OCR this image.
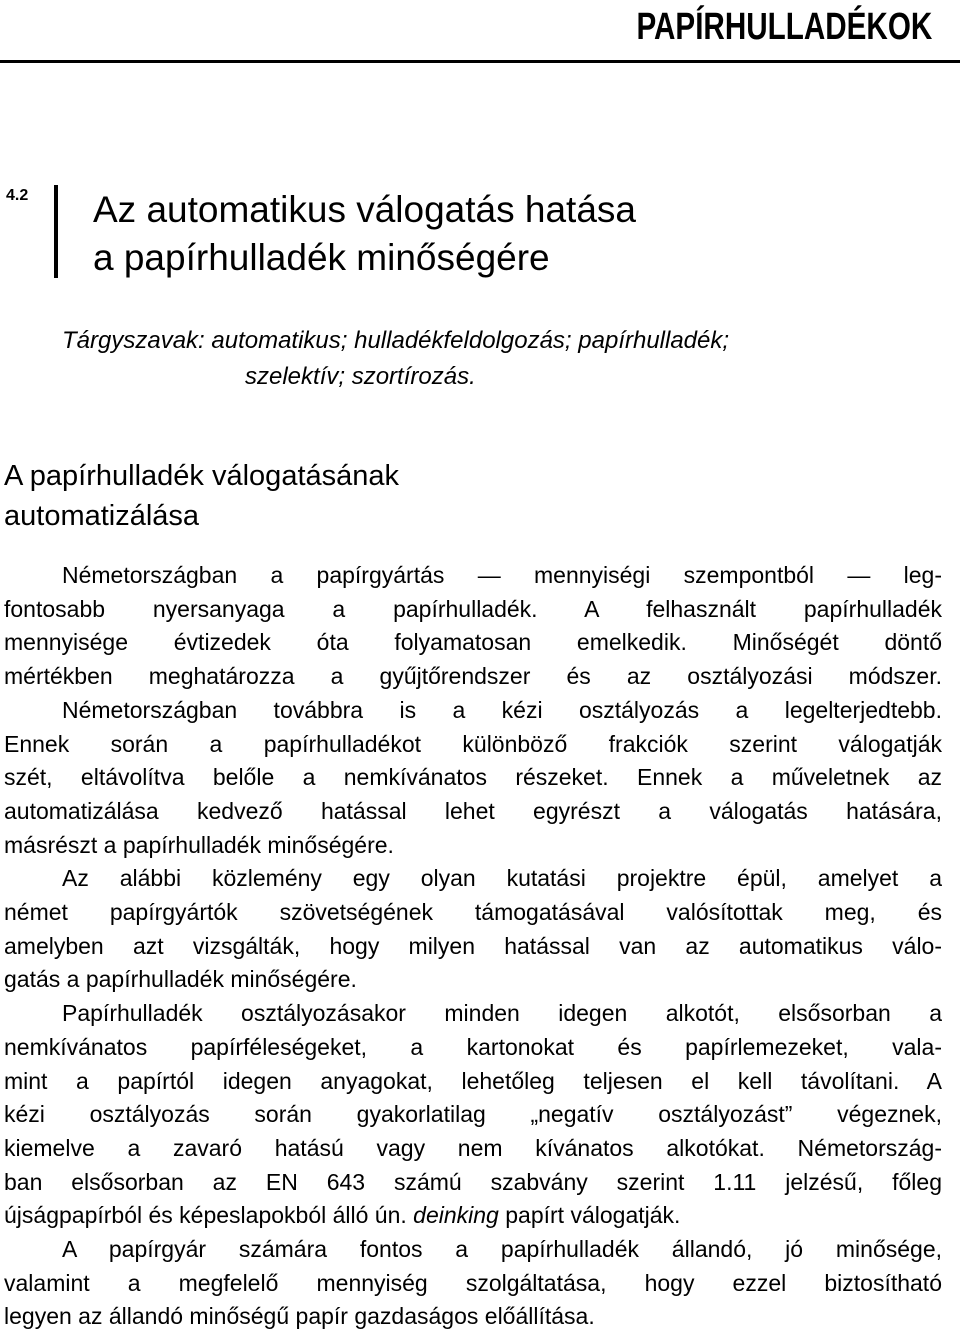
PAPÍRHULLADÉKOK
4.2 Az automatikus válogatás hatása
a papírhulladék minőségére

Tárgyszavak: automatikus; hulladékfeldolgozás; papírhulladék;
szelektív; szortírozás.

A papírhulladék válogatásának
automatizálása

Németországban a papírgyártás — mennyiségi szempontból — leg-
fontosabb nyersanyaga a papírhulladék. A felhasznált papírhulladék
mennyisége évtizedek óta folyamatosan emelkedik. Minőségét döntő
mértékben meghatározza a gyűjtőrendszer és az osztályozási módszer.
Németországban továbbra is a kézi osztályozás a legelterjedtebb.
Ennek során a papírhulladékot különböző frakciók szerint válogatják
szét, eltávolítva belőle a nemkívánatos részeket. Ennek a műveletnek az
automatizálása kedvező hatással lehet egyrészt a válogatás hatására,
másrészt a papírhulladék minőségére.

Az alábbi közlemény egy olyan kutatási projektre épül, amelyet a
német papírgyártók szövetségének támogatásával valósítottak meg, és
amelyben azt vizsgálták, hogy milyen hatással van az automatikus válo-
gatás a papírhulladék minőségére.

Papírhulladék osztályozásakor minden idegen alkotót, elsősorban a
nemkívánatos papírféleségeket, a kartonokat és papírlemezeket, vala-
mint a papírtól idegen anyagokat, lehetőleg teljesen el kell távolítani. A
kézi osztályozás során gyakorlatilag „negatív osztályozást” végeznek,
kiemelve a zavaró hatású vagy nem kívánatos alkotókat. Németország-
ban elsősorban az EN 643 számú szabvány szerint 1.11 jelzésű, főleg
újságpapírból és képeslapokból álló ún. deinking papírt válogatják.

A papírgyár számára fontos a papírhulladék állandó, jó minősége,
valamint a megfelelő mennyiség szolgáltatása, hogy ezzel biztosítható
legyen az állandó minőségű papír gazdaságos előállítása.
